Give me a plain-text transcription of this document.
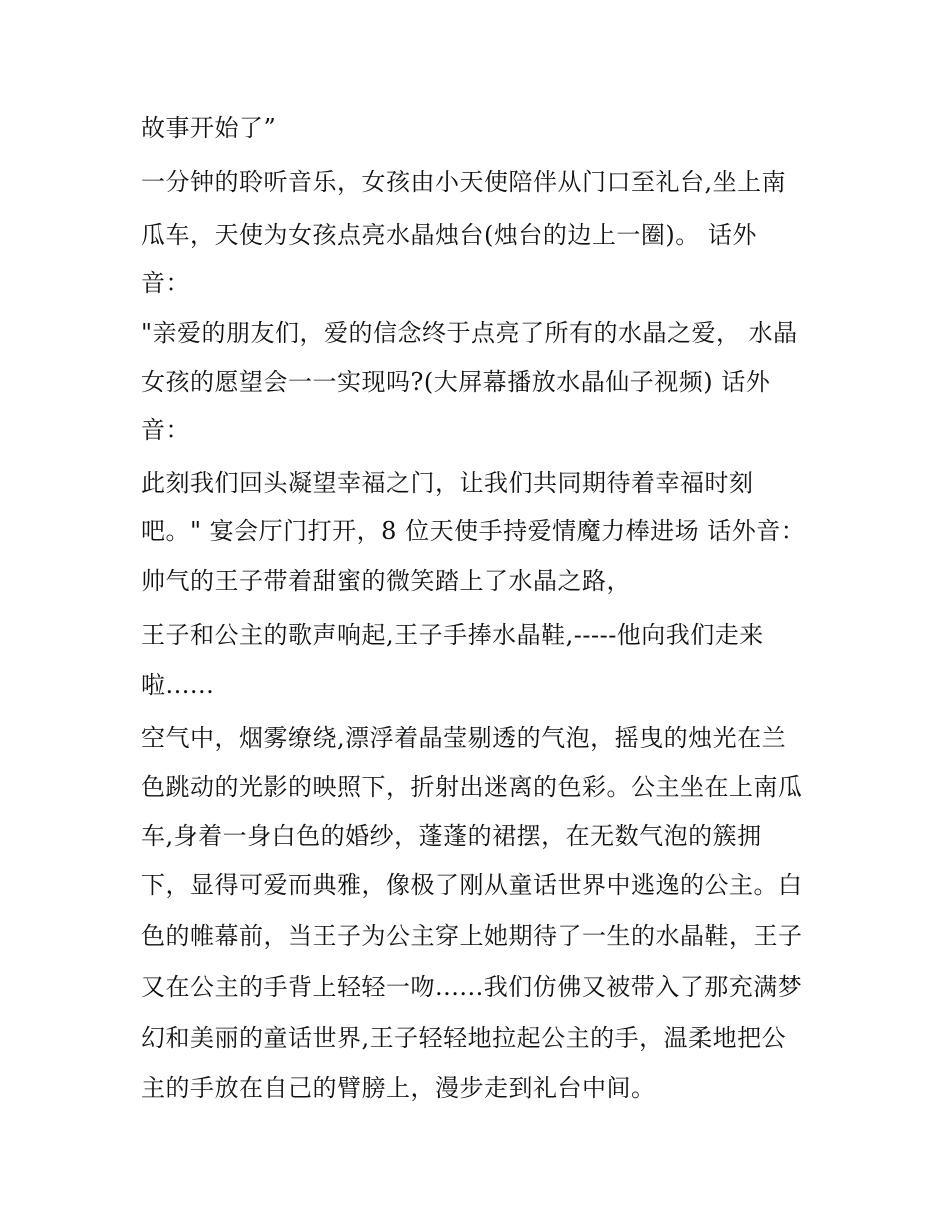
故事开始了”
一分钟的聆听音乐，女孩由小天使陪伴从门口至礼台,坐上南
瓜车，天使为女孩点亮水晶烛台(烛台的边上一圈)。 话外
音：
"亲爱的朋友们，爱的信念终于点亮了所有的水晶之爱， 水晶
女孩的愿望会一一实现吗?(大屏幕播放水晶仙子视频) 话外
音：
此刻我们回头凝望幸福之门，让我们共同期待着幸福时刻
吧。" 宴会厅门打开，8 位天使手持爱情魔力棒进场 话外音：
帅气的王子带着甜蜜的微笑踏上了水晶之路，
王子和公主的歌声响起,王子手捧水晶鞋,-----他向我们走来
啦......
空气中，烟雾缭绕,漂浮着晶莹剔透的气泡，摇曳的烛光在兰
色跳动的光影的映照下，折射出迷离的色彩。公主坐在上南瓜
车,身着一身白色的婚纱，蓬蓬的裙摆，在无数气泡的簇拥
下，显得可爱而典雅，像极了刚从童话世界中逃逸的公主。白
色的帷幕前，当王子为公主穿上她期待了一生的水晶鞋，王子
又在公主的手背上轻轻一吻......我们仿佛又被带入了那充满梦
幻和美丽的童话世界,王子轻轻地拉起公主的手，温柔地把公
主的手放在自己的臂膀上，漫步走到礼台中间。
